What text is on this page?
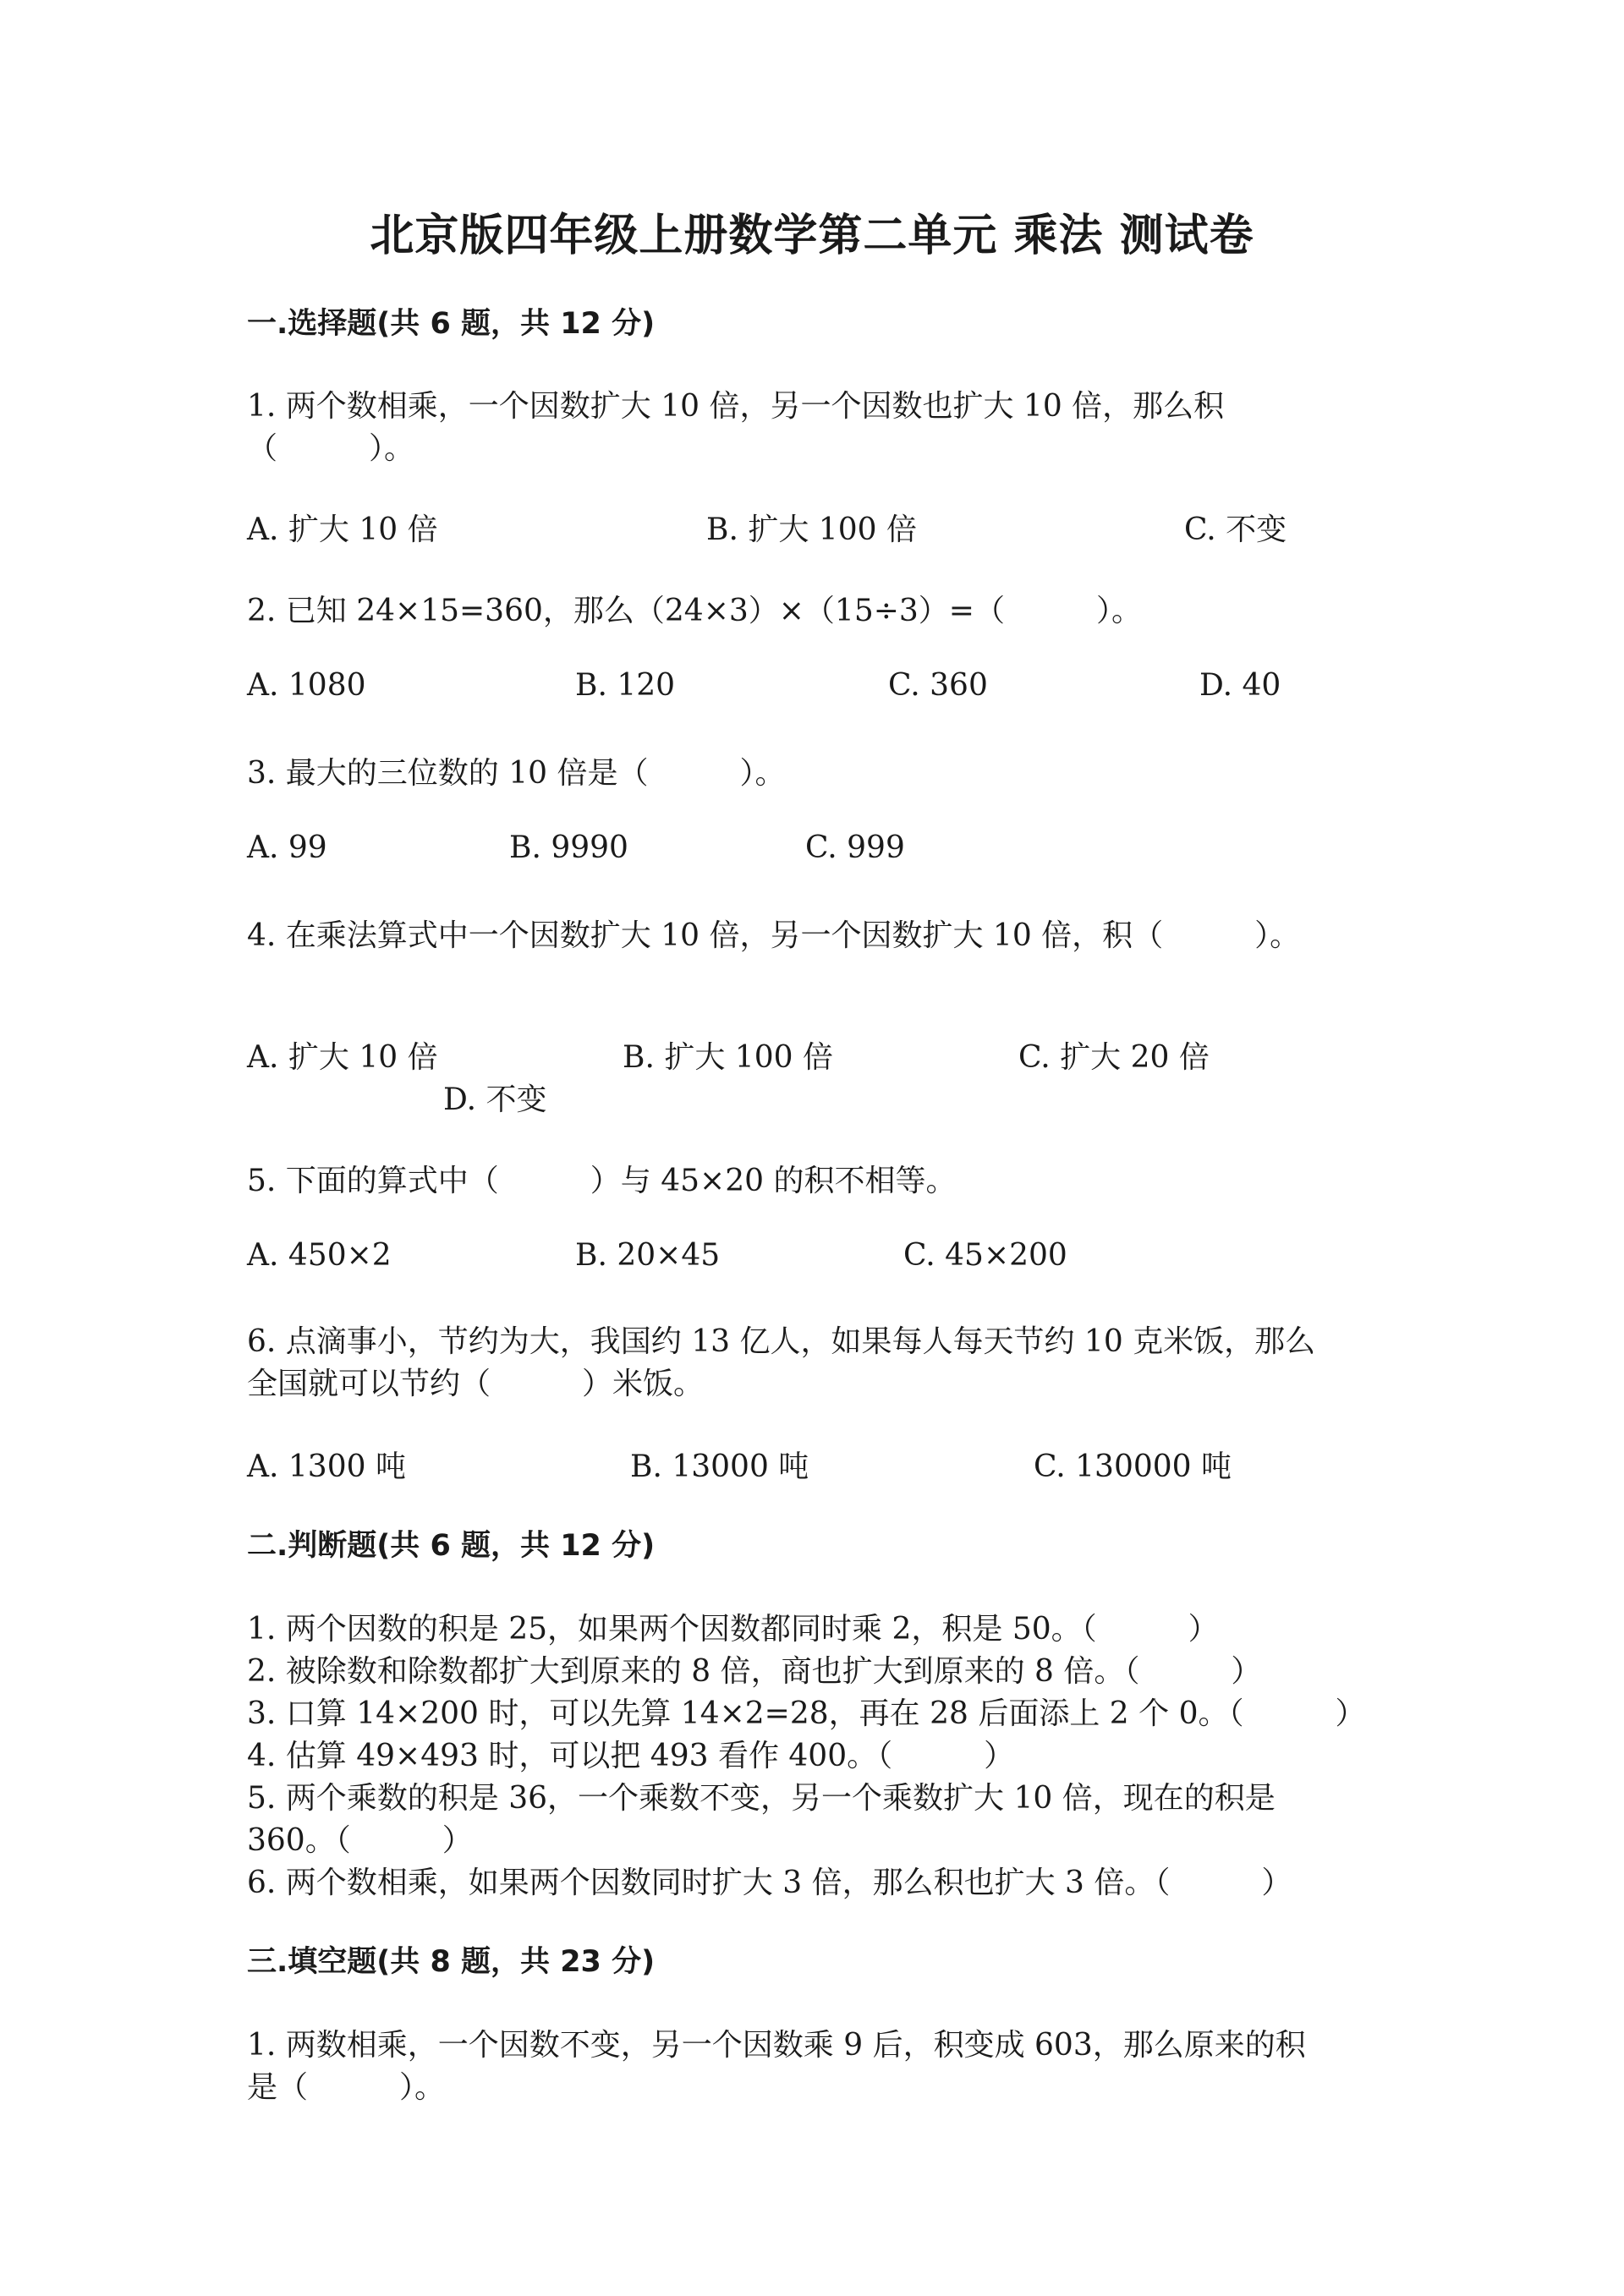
北京版四年级上册数学第二单元 乘法 测试卷
一.选择题(共 6 题，共 12 分)
1. 两个数相乘，一个因数扩大 10 倍，另一个因数也扩大 10 倍，那么积
（　　　）。
A. 扩大 10 倍	B. 扩大 100 倍	C. 不变
2. 已知 24×15=360，那么（24×3）×（15÷3）=（　　　）。
A. 1080	B. 120	C. 360	D. 40
3. 最大的三位数的 10 倍是（　　　）。
A. 99	B. 9990	C. 999
4. 在乘法算式中一个因数扩大 10 倍，另一个因数扩大 10 倍，积（　　　）。
A. 扩大 10 倍	B. 扩大 100 倍	C. 扩大 20 倍
D. 不变
5. 下面的算式中（　　　）与 45×20 的积不相等。
A. 450×2	B. 20×45	C. 45×200
6. 点滴事小，节约为大，我国约 13 亿人，如果每人每天节约 10 克米饭，那么
全国就可以节约（　　　）米饭。
A. 1300 吨	B. 13000 吨	C. 130000 吨
二.判断题(共 6 题，共 12 分)
1. 两个因数的积是 25，如果两个因数都同时乘 2，积是 50。（　　　）
2. 被除数和除数都扩大到原来的 8 倍，商也扩大到原来的 8 倍。（　　　）
3. 口算 14×200 时，可以先算 14×2=28，再在 28 后面添上 2 个 0。（　　　）
4. 估算 49×493 时，可以把 493 看作 400。（　　　）
5. 两个乘数的积是 36，一个乘数不变，另一个乘数扩大 10 倍，现在的积是
360。（　　　）
6. 两个数相乘，如果两个因数同时扩大 3 倍，那么积也扩大 3 倍。（　　　）
三.填空题(共 8 题，共 23 分)
1. 两数相乘，一个因数不变，另一个因数乘 9 后，积变成 603，那么原来的积
是（　　　）。
